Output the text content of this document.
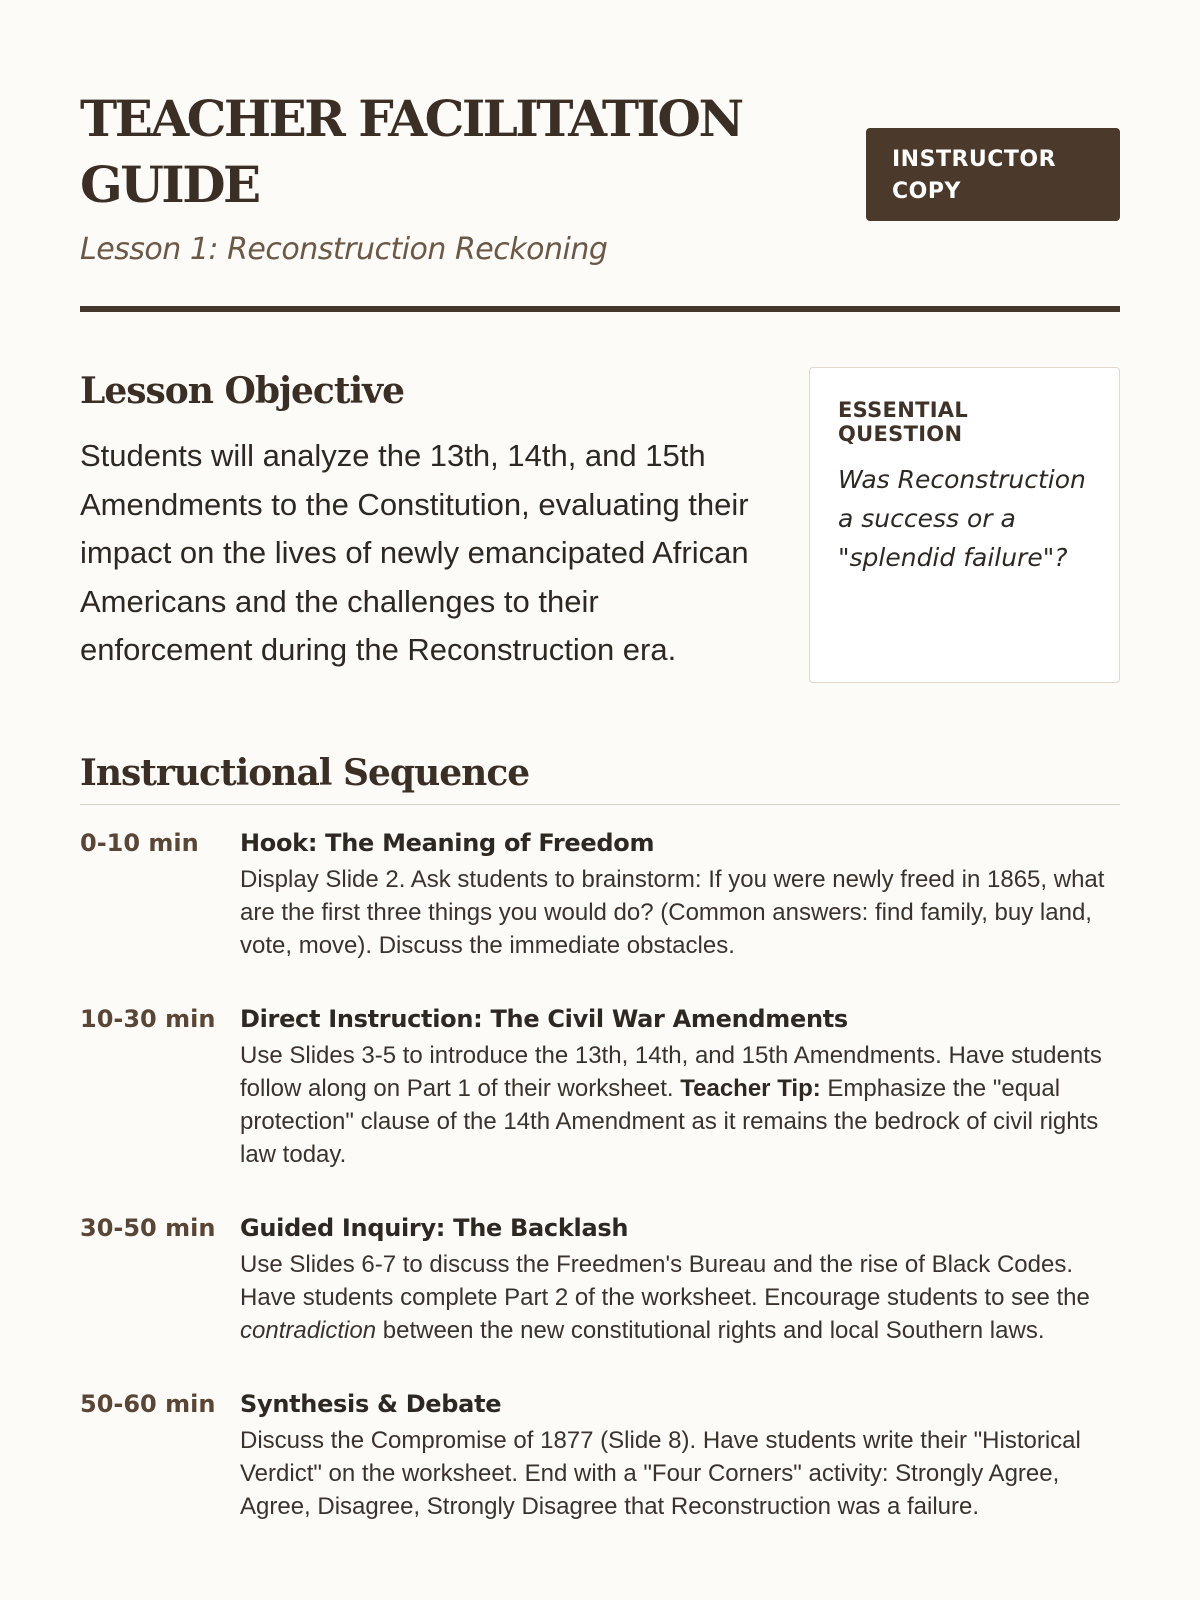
TEACHER FACILITATION GUIDE
Lesson 1: Reconstruction Reckoning
INSTRUCTOR COPY
Lesson Objective

Students will analyze the 13th, 14th, and 15th Amendments to the Constitution, evaluating their impact on the lives of newly emancipated African Americans and the challenges to their enforcement during the Reconstruction era.

ESSENTIAL QUESTION

Was Reconstruction a success or a "splendid failure"?

Instructional Sequence
0-10 min	Hook: The Meaning of Freedom

Display Slide 2. Ask students to brainstorm: If you were newly freed in 1865, what are the first three things you would do? (Common answers: find family, buy land, vote, move). Discuss the immediate obstacles.

10-30 min	Direct Instruction: The Civil War Amendments

Use Slides 3-5 to introduce the 13th, 14th, and 15th Amendments. Have students follow along on Part 1 of their worksheet. Teacher Tip: Emphasize the "equal protection" clause of the 14th Amendment as it remains the bedrock of civil rights law today.

30-50 min	Guided Inquiry: The Backlash

Use Slides 6-7 to discuss the Freedmen's Bureau and the rise of Black Codes. Have students complete Part 2 of the worksheet. Encourage students to see the contradiction between the new constitutional rights and local Southern laws.

50-60 min	Synthesis & Debate

Discuss the Compromise of 1877 (Slide 8). Have students write their "Historical Verdict" on the worksheet. End with a "Four Corners" activity: Strongly Agree, Agree, Disagree, Strongly Disagree that Reconstruction was a failure.
